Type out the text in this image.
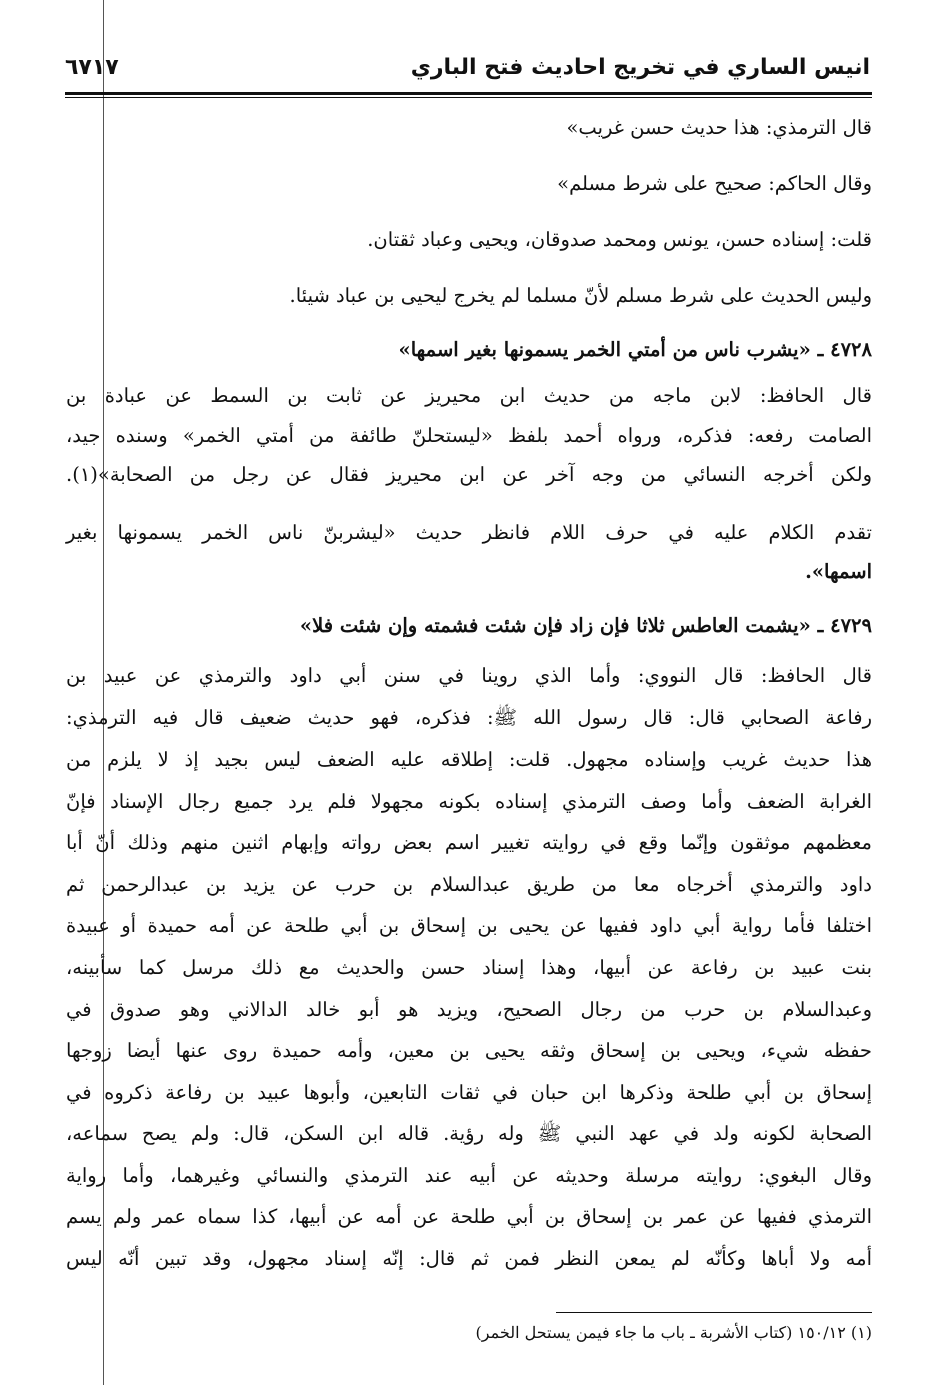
انيس الساري في تخريج احاديث فتح الباري
٦٧١٧
قال الترمذي: هذا حديث حسن غريب»
وقال الحاكم: صحيح على شرط مسلم»
قلت: إسناده حسن، يونس ومحمد صدوقان، ويحيى وعباد ثقتان.
وليس الحديث على شرط مسلم لأنّ مسلما لم يخرج ليحيى بن عباد شيئا.
٤٧٢٨ ـ «يشرب ناس من أمتي الخمر يسمونها بغير اسمها»
قال الحافظ: لابن ماجه من حديث ابن محيريز عن ثابت بن السمط عن عبادة بن
الصامت رفعه: فذكره، ورواه أحمد بلفظ «ليستحلنّ طائفة من أمتي الخمر» وسنده جيد،
ولكن أخرجه النسائي من وجه آخر عن ابن محيريز فقال عن رجل من الصحابة»(١).
تقدم الكلام عليه في حرف اللام فانظر حديث «ليشربنّ ناس الخمر يسمونها بغير
اسمها».
٤٧٢٩ ـ «يشمت العاطس ثلاثا فإن زاد فإن شئت فشمته وإن شئت فلا»
قال الحافظ: قال النووي: وأما الذي روينا في سنن أبي داود والترمذي عن عبيد بن
رفاعة الصحابي قال: قال رسول الله ﷺ: فذكره، فهو حديث ضعيف قال فيه الترمذي:
هذا حديث غريب وإسناده مجهول. قلت: إطلاقه عليه الضعف ليس بجيد إذ لا يلزم من
الغرابة الضعف وأما وصف الترمذي إسناده بكونه مجهولا فلم يرد جميع رجال الإسناد فإنّ
معظمهم موثقون وإنّما وقع في روايته تغيير اسم بعض رواته وإبهام اثنين منهم وذلك أنّ أبا
داود والترمذي أخرجاه معا من طريق عبدالسلام بن حرب عن يزيد بن عبدالرحمن ثم
اختلفا فأما رواية أبي داود ففيها عن يحيى بن إسحاق بن أبي طلحة عن أمه حميدة أو عبيدة
بنت عبيد بن رفاعة عن أبيها، وهذا إسناد حسن والحديث مع ذلك مرسل كما سأبينه،
وعبدالسلام بن حرب من رجال الصحيح، ويزيد هو أبو خالد الدالاني وهو صدوق في
حفظه شيء، ويحيى بن إسحاق وثقه يحيى بن معين، وأمه حميدة روى عنها أيضا زوجها
إسحاق بن أبي طلحة وذكرها ابن حبان في ثقات التابعين، وأبوها عبيد بن رفاعة ذكروه في
الصحابة لكونه ولد في عهد النبي ﷺ وله رؤية. قاله ابن السكن، قال: ولم يصح سماعه،
وقال البغوي: روايته مرسلة وحديثه عن أبيه عند الترمذي والنسائي وغيرهما، وأما رواية
الترمذي ففيها عن عمر بن إسحاق بن أبي طلحة عن أمه عن أبيها، كذا سماه عمر ولم يسم
أمه ولا أباها وكأنّه لم يمعن النظر فمن ثم قال: إنّه إسناد مجهول، وقد تبين أنّه ليس
(١) ١٥٠/١٢ (كتاب الأشربة ـ باب ما جاء فيمن يستحل الخمر)
